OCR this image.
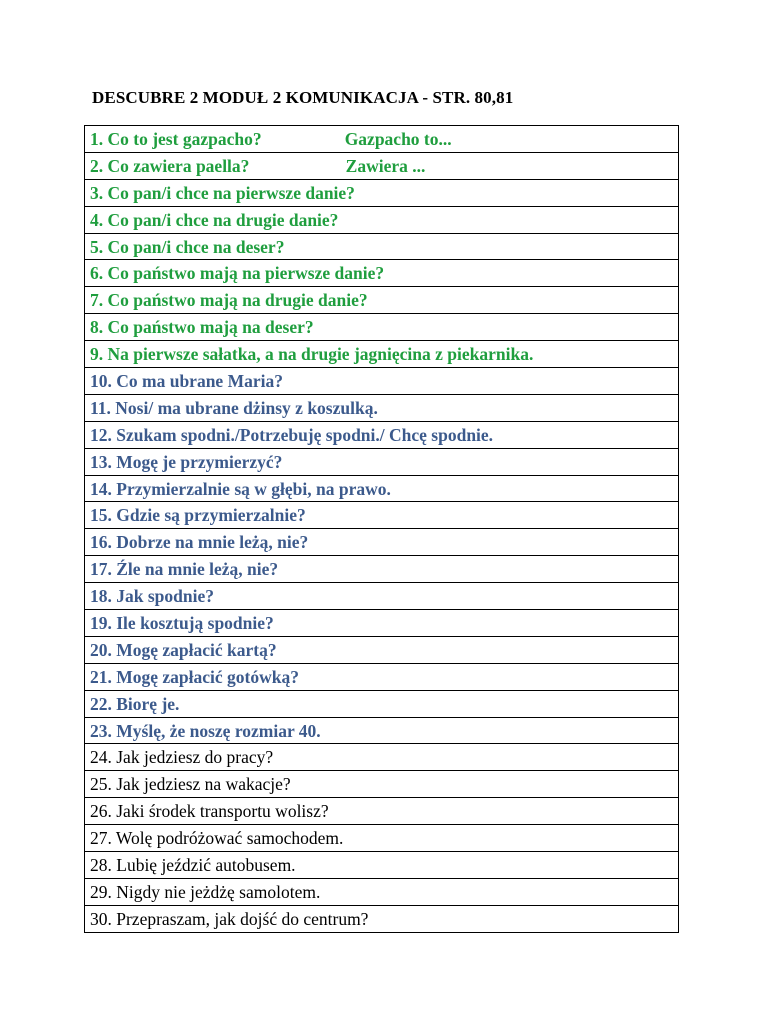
DESCUBRE 2 MODUŁ 2 KOMUNIKACJA - STR. 80,81
1. Co to jest gazpacho?                   Gazpacho to...
2. Co zawiera paella?                      Zawiera ...
3. Co pan/i chce na pierwsze danie?
4. Co pan/i chce na drugie danie?
5. Co pan/i chce na deser?
6. Co państwo mają na pierwsze danie?
7. Co państwo mają na drugie danie?
8. Co państwo mają na deser?
9. Na pierwsze sałatka, a na drugie jagnięcina z piekarnika.
10. Co ma ubrane Maria?
11. Nosi/ ma ubrane dżinsy z koszulką.
12. Szukam spodni./Potrzebuję spodni./ Chcę spodnie.
13. Mogę je przymierzyć?
14. Przymierzalnie są w głębi, na prawo.
15. Gdzie są przymierzalnie?
16. Dobrze na mnie leżą, nie?
17. Źle na mnie leżą, nie?
18. Jak spodnie?
19. Ile kosztują spodnie?
20. Mogę zapłacić kartą?
21. Mogę zapłacić gotówką?
22. Biorę je.
23. Myślę, że noszę rozmiar 40.
24. Jak jedziesz do pracy?
25. Jak jedziesz na wakacje?
26. Jaki środek transportu wolisz?
27. Wolę podróżować samochodem.
28. Lubię jeździć autobusem.
29. Nigdy nie jeżdżę samolotem.
30. Przepraszam, jak dojść do centrum?
